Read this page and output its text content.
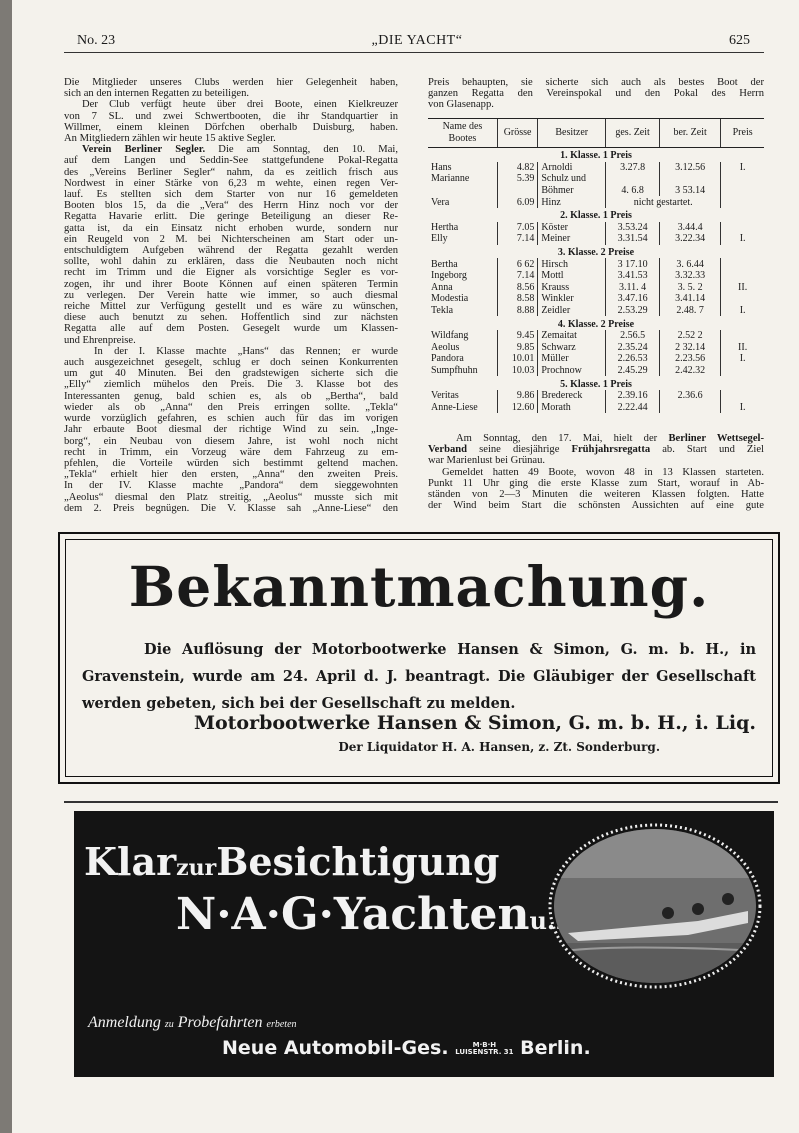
No. 23	„DIE YACHT“	625
Die Mitglieder unseres Clubs werden hier Gelegenheit haben,
sich an den internen Regatten zu beteiligen.
Der Club verfügt heute über drei Boote, einen Kielkreuzer
von 7 SL. und zwei Schwertbooten, die ihr Standquartier in
Willmer, einem kleinen Dörfchen oberhalb Duisburg, haben.
An Mitgliedern zählen wir heute 15 aktive Segler.
Verein Berliner Segler. Die am Sonntag, den 10. Mai,
auf dem Langen und Seddin-See stattgefundene Pokal-Regatta
des „Vereins Berliner Segler“ nahm, da es zeitlich frisch aus
Nordwest in einer Stärke von 6,23 m wehte, einen regen Ver-
lauf. Es stellten sich dem Starter von nur 16 gemeldeten
Booten blos 15, da die „Vera“ des Herrn Hinz noch vor der
Regatta Havarie erlitt. Die geringe Beteiligung an dieser Re-
gatta ist, da ein Einsatz nicht erhoben wurde, sondern nur
ein Reugeld von 2 M. bei Nichterscheinen am Start oder un-
entschuldigtem Aufgeben während der Regatta gezahlt werden
sollte, wohl dahin zu erklären, dass die Neubauten noch nicht
recht im Trimm und die Eigner als vorsichtige Segler es vor-
zogen, ihr und ihrer Boote Können auf einen späteren Termin
zu verlegen. Der Verein hatte wie immer, so auch diesmal
reiche Mittel zur Verfügung gestellt und es wäre zu wünschen,
diese auch benutzt zu sehen. Hoffentlich sind zur nächsten
Regatta alle auf dem Posten. Gesegelt wurde um Klassen-
und Ehrenpreise.
In der I. Klasse machte „Hans“ das Rennen; er wurde
auch ausgezeichnet gesegelt, schlug er doch seinen Konkurrenten
um gut 40 Minuten. Bei den gradstewigen sicherte sich die
„Elly“ ziemlich mühelos den Preis. Die 3. Klasse bot des
Interessanten genug, bald schien es, als ob „Bertha“, bald
wieder als ob „Anna“ den Preis erringen sollte. „Tekla“
wurde vorzüglich gefahren, es schien auch für das im vorigen
Jahr erbaute Boot diesmal der richtige Wind zu sein. „Inge-
borg“, ein Neubau von diesem Jahre, ist wohl noch nicht
recht in Trimm, ein Vorzeug wäre dem Fahrzeug zu em-
pfehlen, die Vorteile würden sich bestimmt geltend machen.
„Tekla“ erhielt hier den ersten, „Anna“ den zweiten Preis.
In der IV. Klasse machte „Pandora“ dem sieggewohnten
„Aeolus“ diesmal den Platz streitig, „Aeolus“ musste sich mit
dem 2. Preis begnügen. Die V. Klasse sah „Anne-Liese“ den
Preis behaupten, sie sicherte sich auch als bestes Boot der
ganzen Regatta den Vereinspokal und den Pokal des Herrn
von Glasenapp.
Name des Bootes	Grösse	Besitzer	ges. Zeit	ber. Zeit	Preis
1. Klasse. 1 Preis					
Hans	4.82	Arnoldi	3.27.8	3.12.56	I.
Marianne	5.39	Schulz und			
		Böhmer	4. 6.8	3 53.14	
Vera	6.09	Hinz	nicht gestartet.		
2. Klasse. 1 Preis					
Hertha	7.05	Köster	3.53.24	3.44.4	
Elly	7.14	Meiner	3.31.54	3.22.34	I.
3. Klasse. 2 Preise					
Bertha	6 62	Hirsch	3 17.10	3. 6.44	
Ingeborg	7.14	Mottl	3.41.53	3.32.33	
Anna	8.56	Krauss	3.11. 4	3. 5. 2	II.
Modestia	8.58	Winkler	3.47.16	3.41.14	
Tekla	8.88	Zeidler	2.53.29	2.48. 7	I.
4. Klasse. 2 Preise					
Wildfang	9.45	Zemaitat	2.56.5	2.52 2	
Aeolus	9.85	Schwarz	2.35.24	2 32.14	II.
Pandora	10.01	Müller	2.26.53	2.23.56	I.
Sumpfhuhn	10.03	Prochnow	2.45.29	2.42.32	
5. Klasse. 1 Preis					
Veritas	9.86	Bredereck	2.39.16	2.36.6	
Anne-Liese	12.60	Morath	2.22.44		I.
Am Sonntag, den 17. Mai, hielt der Berliner Wettsegel-
Verband seine diesjährige Frühjahrsregatta ab. Start und Ziel
war Marienlust bei Grünau.
Gemeldet hatten 49 Boote, wovon 48 in 13 Klassen starteten.
Punkt 11 Uhr ging die erste Klasse zum Start, worauf in Ab-
ständen von 2—3 Minuten die weiteren Klassen folgten. Hatte
der Wind beim Start die schönsten Aussichten auf eine gute
Bekanntmachung.
Die Auflösung der Motorbootwerke Hansen & Simon, G. m. b. H., in Gravenstein, wurde am 24. April d. J. beantragt. Die Gläubiger der Gesellschaft werden gebeten, sich bei der Gesellschaft zu melden.
Motorbootwerke Hansen & Simon, G. m. b. H., i. Liq.
Der Liquidator H. A. Hansen, z. Zt. Sonderburg.
KlarzurBesichtigung
N·A·G·Yachtenu.
Anmeldung zu Probefahrten erbeten
Neue Automobil-Ges.	M·B·H
LUISENSTR. 31 Berlin.
